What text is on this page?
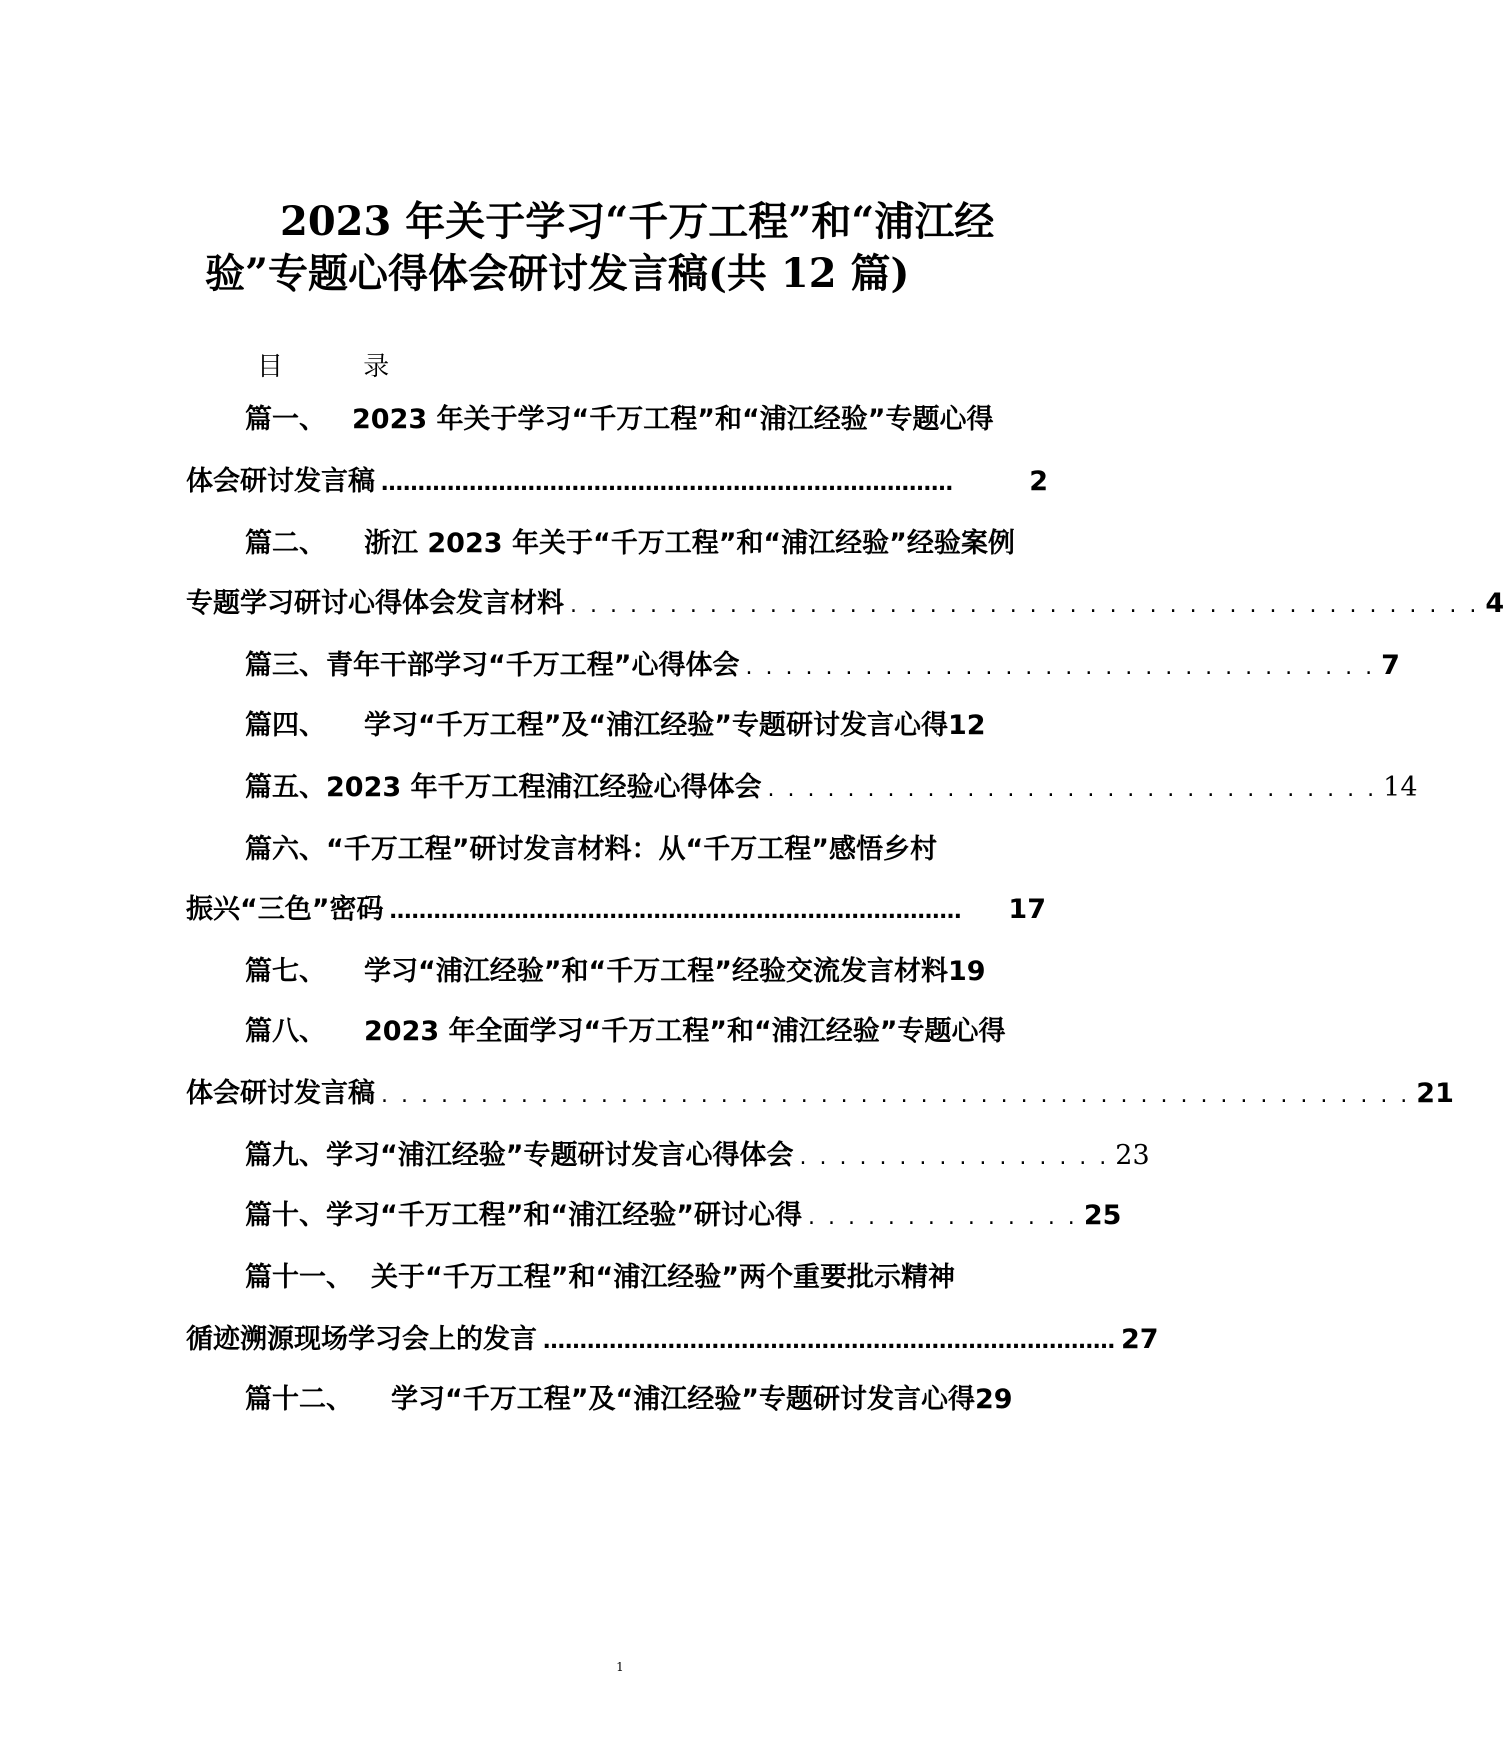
2023 年关于学习“千万工程”和“浦江经
验”专题心得体会研讨发言稿(共 12 篇)
目 录
篇一、 2023 年关于学习“千万工程”和“浦江经验”专题心得
体会研讨发言稿 ……………………………………………………………………	2
篇二、 浙江 2023 年关于“千万工程”和“浦江经验”经验案例
专题学习研讨心得体会发言材料 . . . . . . . . . . . . . . . . . . . . . . . . . . . . . . . . . . . . . . . . . . . . . . 4
篇三、 青年干部学习“千万工程”心得体会 . . . . . . . . . . . . . . . . . . . . . . . . . . . . . . . . 7
篇四、 学习“千万工程”及“浦江经验”专题研讨发言心得 12
篇五、 2023 年千万工程浦江经验心得体会 . . . . . . . . . . . . . . . . . . . . . . . . . . . . . . . 14
篇六、 “千万工程”研讨发言材料：从“千万工程”感悟乡村
振兴“三色”密码 ……………………………………………………………………	17
篇七、 学习“浦江经验”和“千万工程”经验交流发言材料 19
篇八、 2023 年全面学习“千万工程”和“浦江经验”专题心得
体会研讨发言稿 . . . . . . . . . . . . . . . . . . . . . . . . . . . . . . . . . . . . . . . . . . . . . . . . . . . . 21
篇九、 学习“浦江经验”专题研讨发言心得体会 . . . . . . . . . . . . . . . . 23
篇十、 学习“千万工程”和“浦江经验”研讨心得 . . . . . . . . . . . . . . 25
篇十一、 关于“千万工程”和“浦江经验”两个重要批示精神
循迹溯源现场学习会上的发言 …………………………………………………………………… 27
篇十二、 学习“千万工程”及“浦江经验”专题研讨发言心得 29
1
